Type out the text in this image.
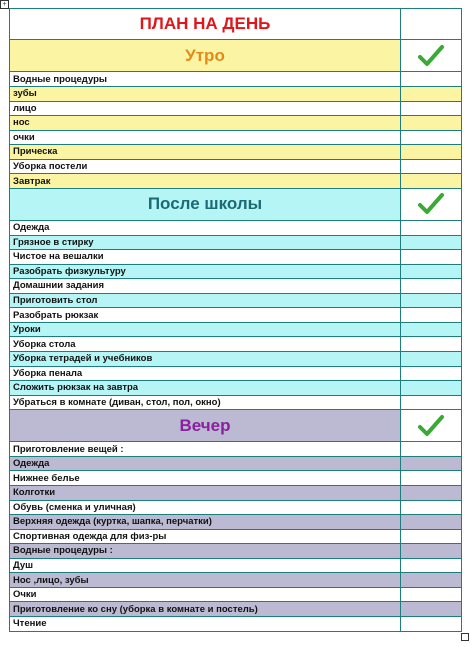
+
ПЛАН НА ДЕНЬ	
Утро	

Водные процедуры	
зубы	
лицо	
нос	
очки	
Прическа	
Уборка постели	
Завтрак	
После школы	

Одежда	
Грязное в стирку	
Чистое на вешалки	
Разобрать физкультуру	
Домашнии задания	
Приготовить стол	
Разобрать рюкзак	
Уроки	
Уборка стола	
Уборка тетрадей и учебников	
Уборка пенала	
Сложить рюкзак на завтра	
Убраться в комнате (диван, стол, пол, окно)	
Вечер	

Приготовление вещей :	
Одежда	
Нижнее белье	
Колготки	
Обувь (сменка и уличная)	
Верхняя одежда (куртка, шапка, перчатки)	
Спортивная одежда для физ-ры	
Водные процедуры :	
Душ	
Нос ,лицо, зубы	
Очки	
Приготовление ко сну (уборка в комнате и постель)	
Чтение	
